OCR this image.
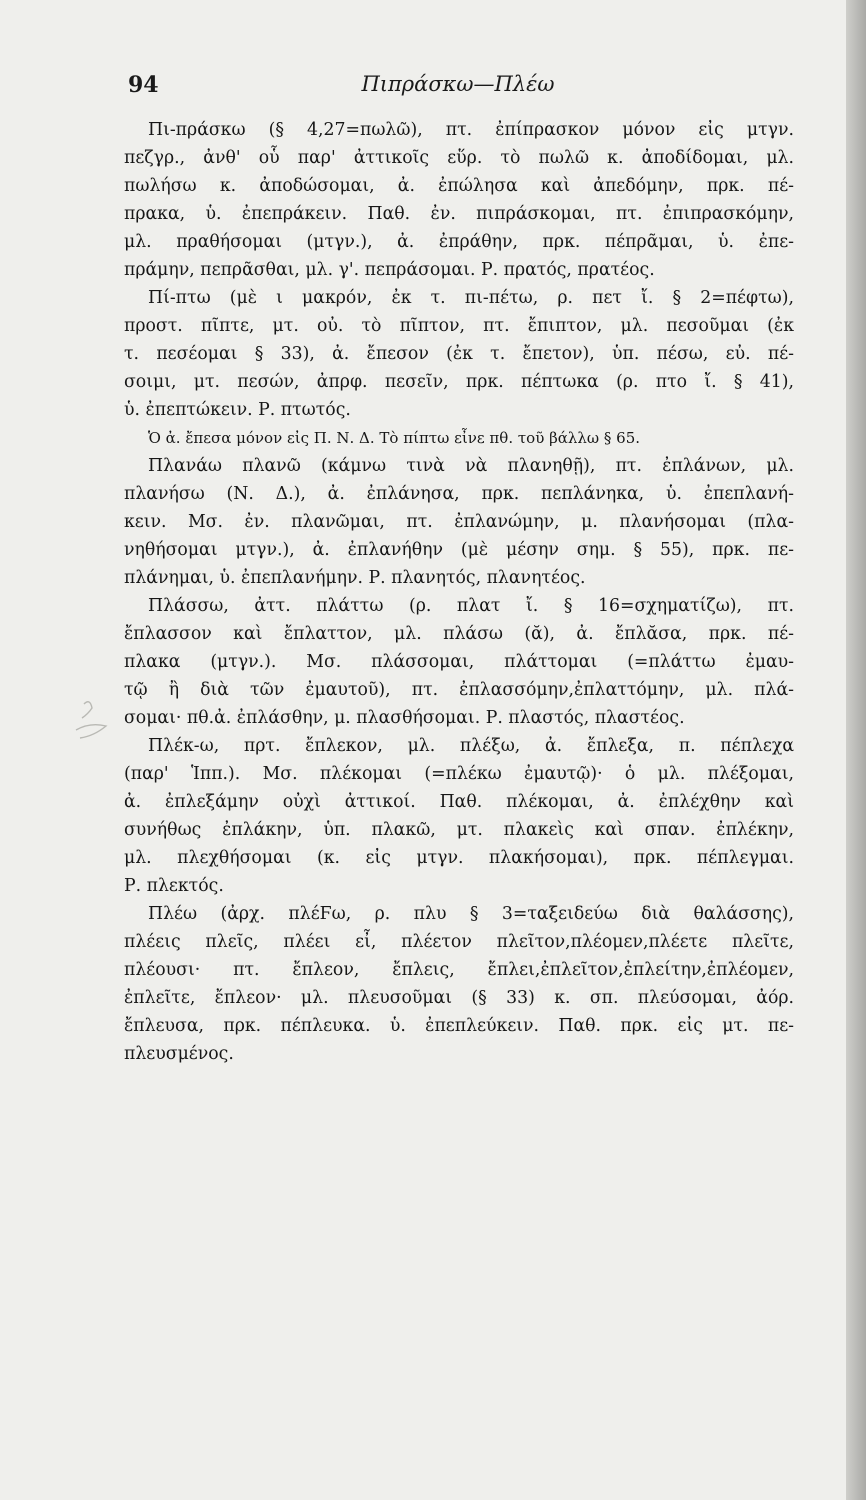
94	Πιπράσκω—Πλέω
Πι-πράσκω (§ 4,27=πωλῶ), πτ. ἐπίπρασκον μόνον εἰς μτγν.
πεζγρ., ἀνθ' οὗ παρ' ἀττικοῖς εὕρ. τὸ πωλῶ κ. ἀποδίδομαι, μλ.
πωλήσω κ. ἀποδώσομαι, ἀ. ἐπώλησα καὶ ἀπεδόμην, πρκ. πέ-
πρακα, ὑ. ἐπεπράκειν. Παθ. ἐν. πιπράσκομαι, πτ. ἐπιπρασκόμην,
μλ. πραθήσομαι (μτγν.), ἀ. ἐπράθην, πρκ. πέπρᾶμαι, ὑ. ἐπε-
πράμην, πεπρᾶσθαι, μλ. γ'. πεπράσομαι. Ρ. πρατός, πρατέος.
Πί-πτω (μὲ ι μακρόν, ἐκ τ. πι-πέτω, ρ. πετ ἴ. § 2=πέφτω),
προστ. πῖπτε, μτ. οὐ. τὸ πῖπτον, πτ. ἔπιπτον, μλ. πεσοῦμαι (ἐκ
τ. πεσέομαι § 33), ἀ. ἔπεσον (ἐκ τ. ἔπετον), ὑπ. πέσω, εὐ. πέ-
σοιμι, μτ. πεσών, ἀπρφ. πεσεῖν, πρκ. πέπτωκα (ρ. πτο ἴ. § 41),
ὑ. ἐπεπτώκειν. Ρ. πτωτός.
Ὁ ἀ. ἔπεσα μόνον εἰς Π. Ν. Δ. Τὸ πίπτω εἶνε πθ. τοῦ βάλλω § 65.
Πλανάω πλανῶ (κάμνω τινὰ νὰ πλανηθῇ), πτ. ἐπλάνων, μλ.
πλανήσω (Ν. Δ.), ἀ. ἐπλάνησα, πρκ. πεπλάνηκα, ὑ. ἐπεπλανή-
κειν. Μσ. ἐν. πλανῶμαι, πτ. ἐπλανώμην, μ. πλανήσομαι (πλα-
νηθήσομαι μτγν.), ἀ. ἐπλανήθην (μὲ μέσην σημ. § 55), πρκ. πε-
πλάνημαι, ὑ. ἐπεπλανήμην. Ρ. πλανητός, πλανητέος.
Πλάσσω, ἀττ. πλάττω (ρ. πλατ ἴ. § 16=σχηματίζω), πτ.
ἔπλασσον καὶ ἔπλαττον, μλ. πλάσω (ᾰ), ἀ. ἔπλᾰσα, πρκ. πέ-
πλακα (μτγν.). Μσ. πλάσσομαι, πλάττομαι (=πλάττω ἐμαυ-
τῷ ἢ διὰ τῶν ἐμαυτοῦ), πτ. ἐπλασσόμην,ἐπλαττόμην, μλ. πλά-
σομαι· πθ.ἀ. ἐπλάσθην, μ. πλασθήσομαι. Ρ. πλαστός, πλαστέος.
Πλέκ-ω, πρτ. ἔπλεκον, μλ. πλέξω, ἀ. ἔπλεξα, π. πέπλεχα
(παρ' Ἱππ.). Μσ. πλέκομαι (=πλέκω ἐμαυτῷ)· ὁ μλ. πλέξομαι,
ἀ. ἐπλεξάμην οὐχὶ ἀττικοί. Παθ. πλέκομαι, ἀ. ἐπλέχθην καὶ
συνήθως ἐπλάκην, ὑπ. πλακῶ, μτ. πλακεὶς καὶ σπαν. ἐπλέκην,
μλ. πλεχθήσομαι (κ. εἰς μτγν. πλακήσομαι), πρκ. πέπλεγμαι.
Ρ. πλεκτός.
Πλέω (ἀρχ. πλέϜω, ρ. πλυ § 3=ταξειδεύω διὰ θαλάσσης),
πλέεις πλεῖς, πλέει εἶ, πλέετον πλεῖτον,πλέομεν,πλέετε πλεῖτε,
πλέουσι· πτ. ἔπλεον, ἔπλεις, ἔπλει,ἐπλεῖτον,ἐπλείτην,ἐπλέομεν,
ἐπλεῖτε, ἔπλεον· μλ. πλευσοῦμαι (§ 33) κ. σπ. πλεύσομαι, ἀόρ.
ἔπλευσα, πρκ. πέπλευκα. ὑ. ἐπεπλεύκειν. Παθ. πρκ. εἰς μτ. πε-
πλευσμένος.
